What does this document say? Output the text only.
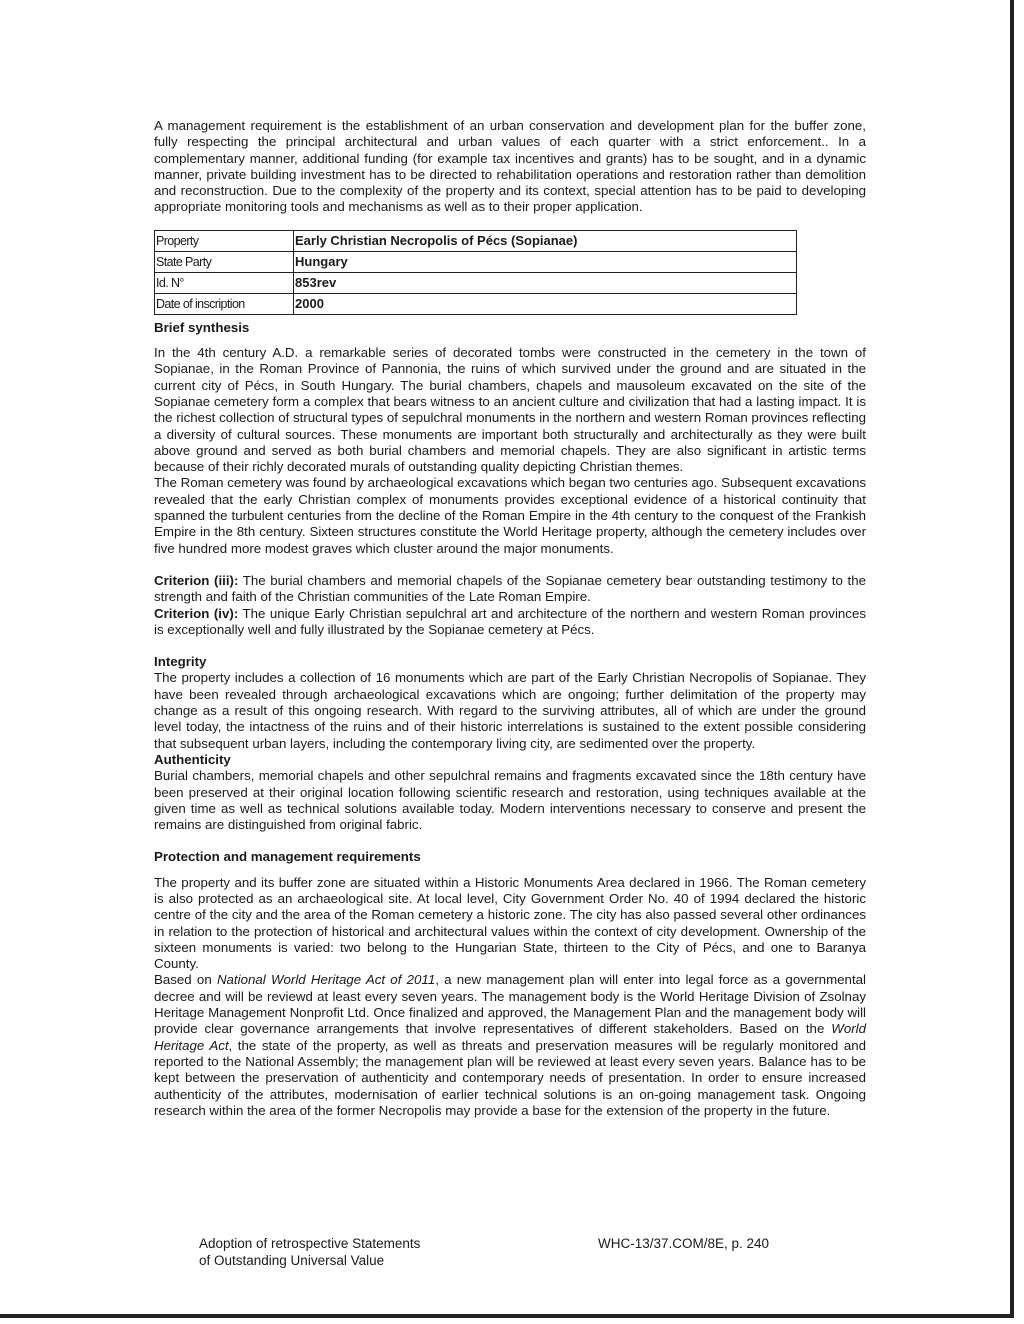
A management requirement is the establishment of an urban conservation and development plan for the buffer zone, fully respecting the principal architectural and urban values of each quarter with a strict enforcement.. In a complementary manner, additional funding (for example tax incentives and grants) has to be sought, and in a dynamic manner, private building investment has to be directed to rehabilitation operations and restoration rather than demolition and reconstruction. Due to the complexity of the property and its context, special attention has to be paid to developing appropriate monitoring tools and mechanisms as well as to their proper application.

Property	Early Christian Necropolis of Pécs (Sopianae)
State Party	Hungary
Id. N°	853rev
Date of inscription	2000

Brief synthesis

In the 4th century A.D. a remarkable series of decorated tombs were constructed in the cemetery in the town of Sopianae, in the Roman Province of Pannonia, the ruins of which survived under the ground and are situated in the current city of Pécs, in South Hungary. The burial chambers, chapels and mausoleum excavated on the site of the Sopianae cemetery form a complex that bears witness to an ancient culture and civilization that had a lasting impact. It is the richest collection of structural types of sepulchral monuments in the northern and western Roman provinces reflecting a diversity of cultural sources. These monuments are important both structurally and architecturally as they were built above ground and served as both burial chambers and memorial chapels. They are also significant in artistic terms because of their richly decorated murals of outstanding quality depicting Christian themes.

The Roman cemetery was found by archaeological excavations which began two centuries ago. Subsequent excavations revealed that the early Christian complex of monuments provides exceptional evidence of a historical continuity that spanned the turbulent centuries from the decline of the Roman Empire in the 4th century to the conquest of the Frankish Empire in the 8th century. Sixteen structures constitute the World Heritage property, although the cemetery includes over five hundred more modest graves which cluster around the major monuments.

Criterion (iii): The burial chambers and memorial chapels of the Sopianae cemetery bear outstanding testimony to the strength and faith of the Christian communities of the Late Roman Empire.

Criterion (iv): The unique Early Christian sepulchral art and architecture of the northern and western Roman provinces is exceptionally well and fully illustrated by the Sopianae cemetery at Pécs.

Integrity

The property includes a collection of 16 monuments which are part of the Early Christian Necropolis of Sopianae. They have been revealed through archaeological excavations which are ongoing; further delimitation of the property may change as a result of this ongoing research. With regard to the surviving attributes, all of which are under the ground level today, the intactness of the ruins and of their historic interrelations is sustained to the extent possible considering that subsequent urban layers, including the contemporary living city, are sedimented over the property.

Authenticity

Burial chambers, memorial chapels and other sepulchral remains and fragments excavated since the 18th century have been preserved at their original location following scientific research and restoration, using techniques available at the given time as well as technical solutions available today. Modern interventions necessary to conserve and present the remains are distinguished from original fabric.

Protection and management requirements

The property and its buffer zone are situated within a Historic Monuments Area declared in 1966. The Roman cemetery is also protected as an archaeological site. At local level, City Government Order No. 40 of 1994 declared the historic centre of the city and the area of the Roman cemetery a historic zone. The city has also passed several other ordinances in relation to the protection of historical and architectural values within the context of city development. Ownership of the sixteen monuments is varied: two belong to the Hungarian State, thirteen to the City of Pécs, and one to Baranya County.

Based on National World Heritage Act of 2011, a new management plan will enter into legal force as a governmental decree and will be reviewd at least every seven years. The management body is the World Heritage Division of Zsolnay Heritage Management Nonprofit Ltd. Once finalized and approved, the Management Plan and the management body will provide clear governance arrangements that involve representatives of different stakeholders. Based on the World Heritage Act, the state of the property, as well as threats and preservation measures will be regularly monitored and reported to the National Assembly; the management plan will be reviewed at least every seven years. Balance has to be kept between the preservation of authenticity and contemporary needs of presentation. In order to ensure increased authenticity of the attributes, modernisation of earlier technical solutions is an on-going management task. Ongoing research within the area of the former Necropolis may provide a base for the extension of the property in the future.

Adoption of retrospective Statements
of Outstanding Universal Value
WHC-13/37.COM/8E, p. 240
